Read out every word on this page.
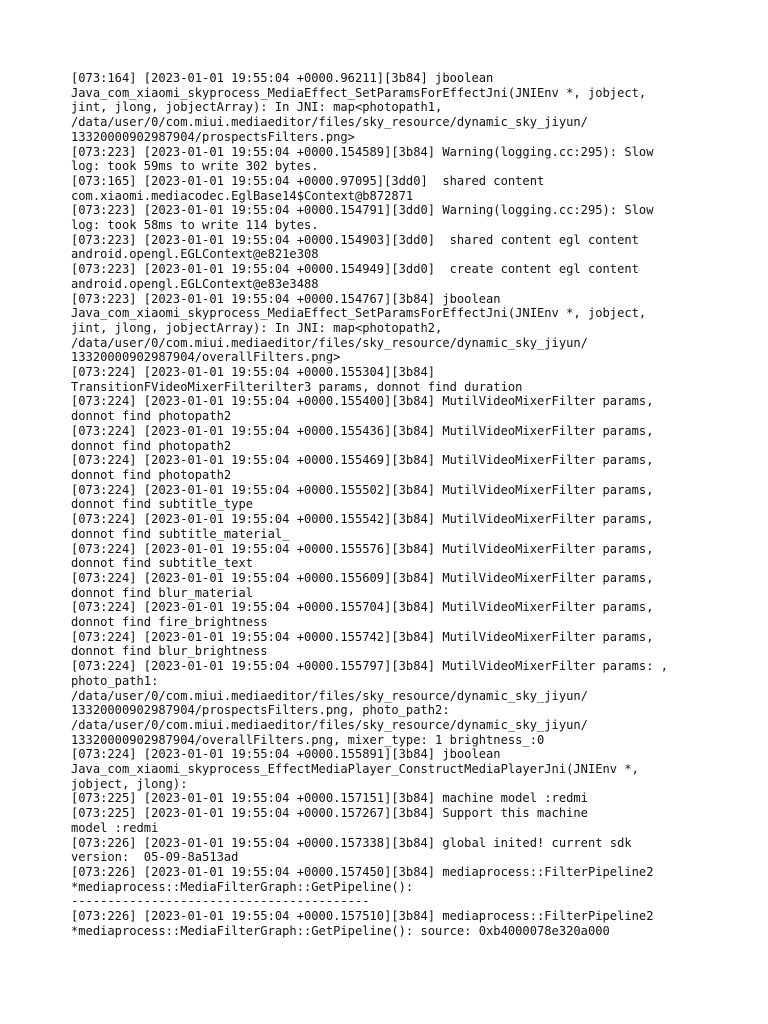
[073:164] [2023-01-01 19:55:04 +0000.96211][3b84] jboolean
Java_com_xiaomi_skyprocess_MediaEffect_SetParamsForEffectJni(JNIEnv *, jobject,
jint, jlong, jobjectArray): In JNI: map<photopath1,
/data/user/0/com.miui.mediaeditor/files/sky_resource/dynamic_sky_jiyun/
13320000902987904/prospectsFilters.png>

[073:223] [2023-01-01 19:55:04 +0000.154589][3b84] Warning(logging.cc:295): Slow
log: took 59ms to write 302 bytes.

[073:165] [2023-01-01 19:55:04 +0000.97095][3dd0]  shared content
com.xiaomi.mediacodec.EglBase14$Context@b872871

[073:223] [2023-01-01 19:55:04 +0000.154791][3dd0] Warning(logging.cc:295): Slow
log: took 58ms to write 114 bytes.

[073:223] [2023-01-01 19:55:04 +0000.154903][3dd0]  shared content egl content
android.opengl.EGLContext@e821e308

[073:223] [2023-01-01 19:55:04 +0000.154949][3dd0]  create content egl content
android.opengl.EGLContext@e83e3488

[073:223] [2023-01-01 19:55:04 +0000.154767][3b84] jboolean
Java_com_xiaomi_skyprocess_MediaEffect_SetParamsForEffectJni(JNIEnv *, jobject,
jint, jlong, jobjectArray): In JNI: map<photopath2,
/data/user/0/com.miui.mediaeditor/files/sky_resource/dynamic_sky_jiyun/
13320000902987904/overallFilters.png>

[073:224] [2023-01-01 19:55:04 +0000.155304][3b84]
TransitionFVideoMixerFilterilter3 params, donnot find duration

[073:224] [2023-01-01 19:55:04 +0000.155400][3b84] MutilVideoMixerFilter params,
donnot find photopath2

[073:224] [2023-01-01 19:55:04 +0000.155436][3b84] MutilVideoMixerFilter params,
donnot find photopath2

[073:224] [2023-01-01 19:55:04 +0000.155469][3b84] MutilVideoMixerFilter params,
donnot find photopath2

[073:224] [2023-01-01 19:55:04 +0000.155502][3b84] MutilVideoMixerFilter params,
donnot find subtitle_type

[073:224] [2023-01-01 19:55:04 +0000.155542][3b84] MutilVideoMixerFilter params,
donnot find subtitle_material_

[073:224] [2023-01-01 19:55:04 +0000.155576][3b84] MutilVideoMixerFilter params,
donnot find subtitle_text

[073:224] [2023-01-01 19:55:04 +0000.155609][3b84] MutilVideoMixerFilter params,
donnot find blur_material

[073:224] [2023-01-01 19:55:04 +0000.155704][3b84] MutilVideoMixerFilter params,
donnot find fire_brightness

[073:224] [2023-01-01 19:55:04 +0000.155742][3b84] MutilVideoMixerFilter params,
donnot find blur_brightness

[073:224] [2023-01-01 19:55:04 +0000.155797][3b84] MutilVideoMixerFilter params: ,
photo_path1:
/data/user/0/com.miui.mediaeditor/files/sky_resource/dynamic_sky_jiyun/
13320000902987904/prospectsFilters.png, photo_path2:
/data/user/0/com.miui.mediaeditor/files/sky_resource/dynamic_sky_jiyun/
13320000902987904/overallFilters.png, mixer_type: 1 brightness_:0

[073:224] [2023-01-01 19:55:04 +0000.155891][3b84] jboolean
Java_com_xiaomi_skyprocess_EffectMediaPlayer_ConstructMediaPlayerJni(JNIEnv *,
jobject, jlong):

[073:225] [2023-01-01 19:55:04 +0000.157151][3b84] machine model :redmi

[073:225] [2023-01-01 19:55:04 +0000.157267][3b84] Support this machine
model :redmi

[073:226] [2023-01-01 19:55:04 +0000.157338][3b84] global inited! current sdk
version:  05-09-8a513ad

[073:226] [2023-01-01 19:55:04 +0000.157450][3b84] mediaprocess::FilterPipeline2
*mediaprocess::MediaFilterGraph::GetPipeline():
-----------------------------------------

[073:226] [2023-01-01 19:55:04 +0000.157510][3b84] mediaprocess::FilterPipeline2
*mediaprocess::MediaFilterGraph::GetPipeline(): source: 0xb4000078e320a000
